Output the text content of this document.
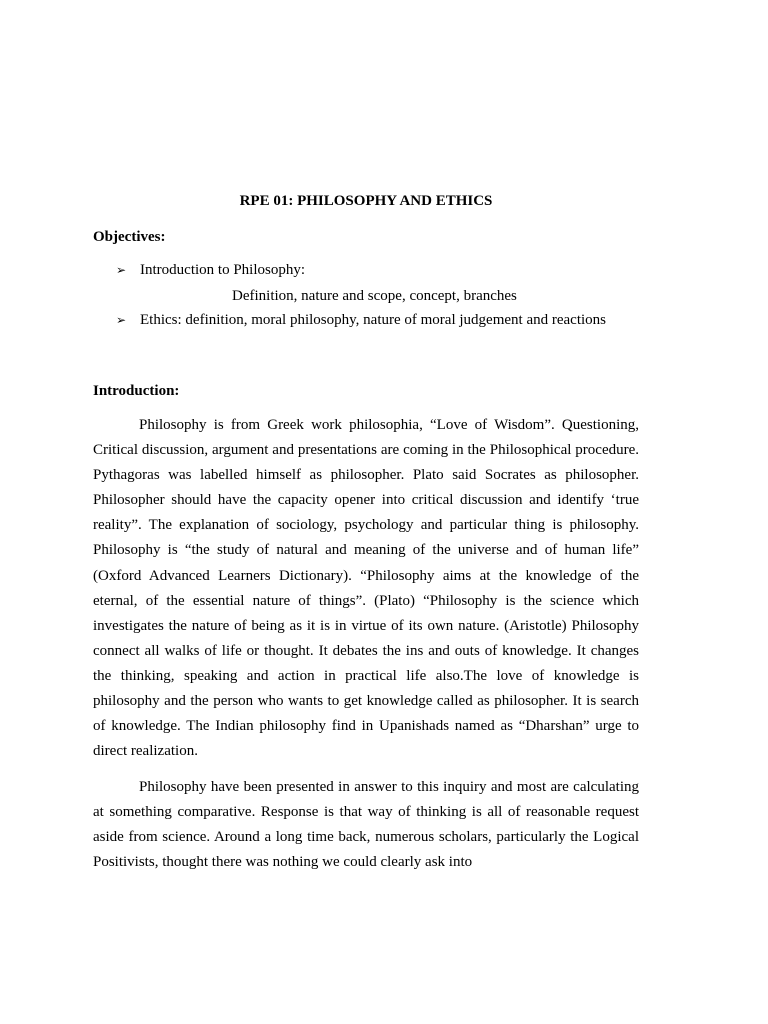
RPE 01: PHILOSOPHY AND ETHICS
Objectives:
➢ Introduction to Philosophy:
Definition, nature and scope, concept, branches
➢ Ethics: definition, moral philosophy, nature of moral judgement and reactions
Introduction:

Philosophy is from Greek work philosophia, “Love of Wisdom”. Questioning, Critical discussion, argument and presentations are coming in the Philosophical procedure. Pythagoras was labelled himself as philosopher. Plato said Socrates as philosopher. Philosopher should have the capacity opener into critical discussion and identify ‘true reality”. The explanation of sociology, psychology and particular thing is philosophy. Philosophy is “the study of natural and meaning of the universe and of human life” (Oxford Advanced Learners Dictionary). “Philosophy aims at the knowledge of the eternal, of the essential nature of things”. (Plato) “Philosophy is the science which investigates the nature of being as it is in virtue of its own nature. (Aristotle) Philosophy connect all walks of life or thought. It debates the ins and outs of knowledge. It changes the thinking, speaking and action in practical life also.The love of knowledge is philosophy and the person who wants to get knowledge called as philosopher. It is search of knowledge. The Indian philosophy find in Upanishads named as “Dharshan” urge to direct realization.

Philosophy have been presented in answer to this inquiry and most are calculating at something comparative. Response is that way of thinking is all of reasonable request aside from science. Around a long time back, numerous scholars, particularly the Logical Positivists, thought there was nothing we could clearly ask into
